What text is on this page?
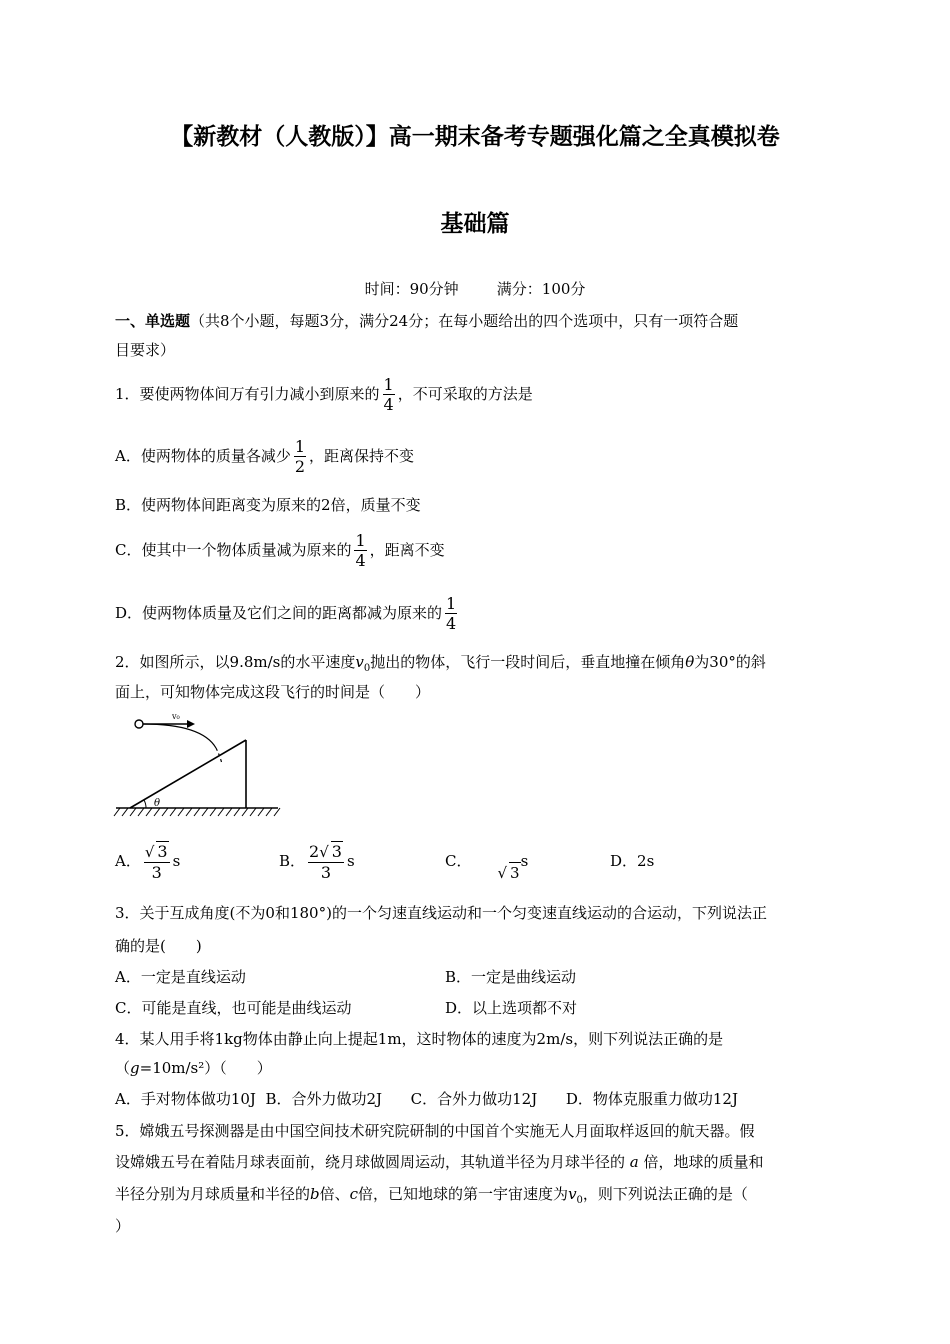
【新教材（人教版）】高一期末备考专题强化篇之全真模拟卷
基础篇
时间：90分钟        满分：100分
一、单选题（共8个小题，每题3分，满分24分；在每小题给出的四个选项中，只有一项符合题
目要求）
1．要使两物体间万有引力减小到原来的 $\frac{1}{4}$ ，不可采取的方法是
A．使两物体的质量各减少 $\frac{1}{2}$ ，距离保持不变
B．使两物体间距离变为原来的2倍，质量不变
C．使其中一个物体质量减为原来的 $\frac{1}{4}$ ，距离不变
D．使两物体质量及它们之间的距离都减为原来的 $\frac{1}{4}$
2．如图所示，以9.8m/s的水平速度$v_0$抛出的物体，飞行一段时间后，垂直地撞在倾角θ为30°的斜
面上，可知物体完成这段飞行的时间是（　　）
v₀
θ
A． $\frac{√ 3}{3}$ s	B． $\frac{2√ 3}{3}$ s	C．
√ 3
s	D．2s
3．关于互成角度(不为0和180°)的一个匀速直线运动和一个匀变速直线运动的合运动，下列说法正
确的是(　　)
A．一定是直线运动	B．一定是曲线运动
C．可能是直线，也可能是曲线运动	D．以上选项都不对
4．某人用手将1kg物体由静止向上提起1m，这时物体的速度为2m/s，则下列说法正确的是
（g=10m/s²）（　　）
A．手对物体做功10J  B．合外力做功2J      C．合外力做功12J      D．物体克服重力做功12J
5．嫦娥五号探测器是由中国空间技术研究院研制的中国首个实施无人月面取样返回的航天器。假
设嫦娥五号在着陆月球表面前，绕月球做圆周运动，其轨道半径为月球半径的 a 倍，地球的质量和
半径分别为月球质量和半径的b倍、c倍，已知地球的第一宇宙速度为$v_0$，则下列说法正确的是（
）
